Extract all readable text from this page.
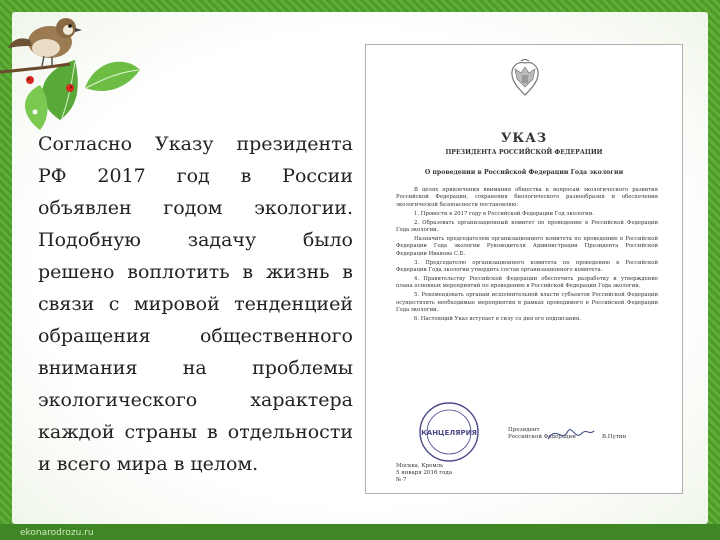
Согласно Указу президента РФ 2017 год в России объявлен годом экологии. Подобную задачу было решено воплотить в жизнь в связи с мировой тенденцией обращения общественного внимания на проблемы экологического характера каждой страны в отдельности и всего мира в целом.

УКАЗ

ПРЕЗИДЕНТА РОССИЙСКОЙ ФЕДЕРАЦИИ

О проведении в Российской Федерации Года экологии

В целях привлечения внимания общества к вопросам экологического развития Российской Федерации, сохранения биологического разнообразия и обеспечения экологической безопасности постановляю:

1. Провести в 2017 году в Российской Федерации Год экологии.

2. Образовать организационный комитет по проведению в Российской Федерации Года экологии.

Назначить председателем организационного комитета по проведению в Российской Федерации Года экологии Руководителя Администрации Президента Российской Федерации Иванова С.Б.

3. Председателю организационного комитета по проведению в Российской Федерации Года экологии утвердить состав организационного комитета.

4. Правительству Российской Федерации обеспечить разработку и утверждение плана основных мероприятий по проведению в Российской Федерации Года экологии.

5. Рекомендовать органам исполнительной власти субъектов Российской Федерации осуществлять необходимые мероприятия в рамках проводимого в Российской Федерации Года экологии.

6. Настоящий Указ вступает в силу со дня его подписания.

КАНЦЕЛЯРИЯ	Президент
Российской Федерации	В.Путин

Москва, Кремль
5 января 2016 года
№ 7

ekonarodrozu.ru
